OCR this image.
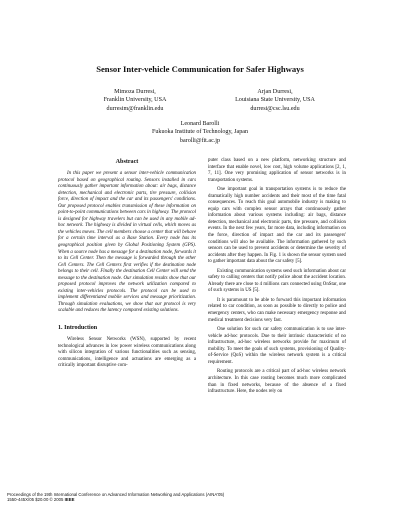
Sensor Inter-vehicle Communication for Safer Highways
Mimoza Durresi,
Franklin University, USA
durresim@franklin.edu
Arjan Durresi,
Louisiana State University, USA
durresi@csc.lsu.edu
Leonard Barolli
Fukuoka Institute of Technology, Japan
barolli@fit.ac.jp
Abstract

In this paper we present a sensor inter-vehicle communication protocol based on geographical routing. Sensors installed in cars continuously gather important information about: air bags, distance detection, mechanical and electronic parts, tire pressure, collision force, direction of impact and the car and its passengers' conditions. Our proposed protocol enables transmission of these information on point-to-point communications between cars in highway. The protocol is designed for highway travelers but can be used in any mobile ad-hoc network. The highway is divided in virtual cells, which moves as the vehicles moves. The cell members choose a center that will behave for a certain time interval as a Base Station. Every node has its geographical position given by Global Positioning System (GPS). When a source node has a message for a destination node, forwards it to its Cell Center. Then the message is forwarded through the other Cell Centers. The Cell Centers first verifies if the destination node belongs to their cell. Finally the destination Cell Center will send the message to the destination node. Our simulation results show that our proposed protocol improves the network utilization compared to existing inter-vehicles protocols. The protocol can be used to implement differentiated mobile services and message prioritization. Through simulation evaluations, we show that our protocol is very scalable and reduces the latency compared existing solutions.

1. Introduction

Wireless Sensor Networks (WSN), supported by recent technological advances in low power wireless communications along with silicon integration of various functionalities such as sensing, communications, intelligence and actuations are emerging as a critically important disruptive com-

puter class based on a new platform, networking structure and interface that enable novel, low cost, high volume applications [2, 1, 7, 11]. One very promising application of sensor networks is in transportation systems.

One important goal in transportation systems is to reduce the dramatically high number accidents and their most of the time fatal consequences. To reach this goal automobile industry is making to equip cars with complex sensor arrays that continuously gather information about various systems including: air bags, distance detection, mechanical and electronic parts, tire pressure, and collision events. In the next few years, far more data, including information on the force, direction of impact and the car and its passengers' conditions will also be available. The information gathered by such sensors can be used to prevent accidents or determine the severity of accidents after they happen. In Fig. 1 is shown the sensor system used to gather important data about the car safety [5].

Existing communication systems send such information about car safety to calling centers that notify police about the accident location. Already there are close to 4 millions cars connected using OnStar, one of such systems in US [5].

It is paramount to be able to forward this important information related to car condition, as soon as possible to directly to police and emergency centers, who can make necessary emergency response and medical treatment decisions very fast.

One solution for such car safety communication is to use inter-vehicle ad-hoc protocols. Due to their intrinsic characteristic of no infrastructure, ad-hoc wireless networks provide for maximum of mobility. To meet the goals of such systems, provisioning of Quality-of-Service (QoS) within the wireless network system is a critical requirement.

Routing protocols are a critical part of ad-hoc wireless network architecture. In this case routing becomes much more complicated than in fixed networks, because of the absence of a fixed infrastructure. Here, the nodes rely on

Proceedings of the 19th International Conference on Advanced Information Networking and Applications (AINA'05)
1550-445X/05 $20.00 © 2005 IEEE
